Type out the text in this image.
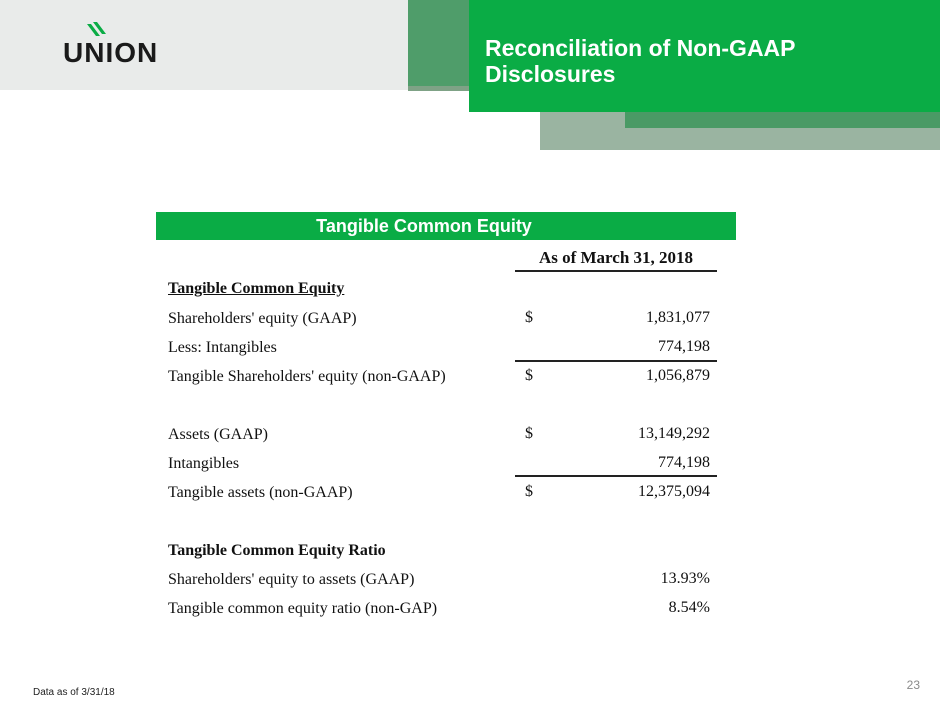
Reconciliation of Non-GAAP Disclosures
UNION
Tangible Common Equity
As of March 31, 2018
Tangible Common Equity
Shareholders' equity (GAAP)	$	1,831,077
Less: Intangibles	774,198
Tangible Shareholders' equity (non-GAAP)	$	1,056,879
Assets (GAAP)	$	13,149,292
Intangibles	774,198
Tangible assets (non-GAAP)	$	12,375,094
Tangible Common Equity Ratio
Shareholders' equity to assets (GAAP)	13.93%
Tangible common equity ratio (non-GAP)	8.54%
Data as of 3/31/18
23
